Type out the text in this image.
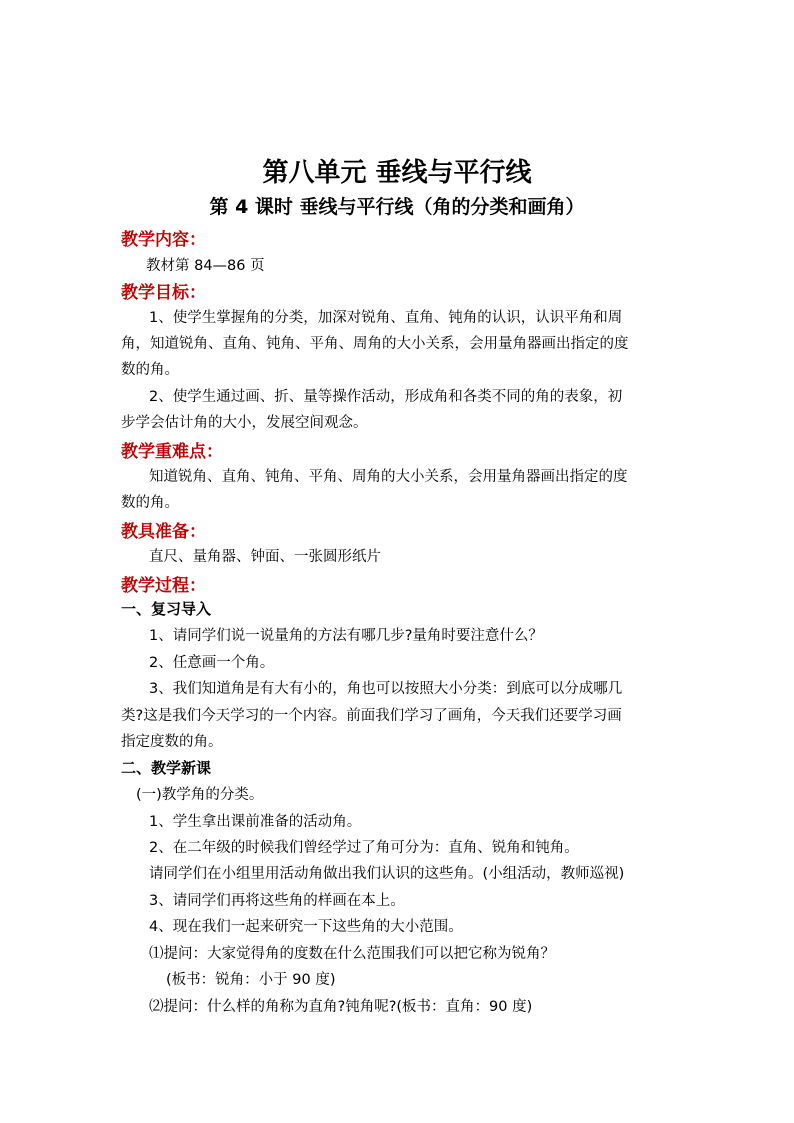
第八单元 垂线与平行线
第 4 课时 垂线与平行线（角的分类和画角）
教学内容：
教材第 84—86 页
教学目标：
1、使学生掌握角的分类，加深对锐角、直角、钝角的认识，认识平角和周
角，知道锐角、直角、钝角、平角、周角的大小关系，会用量角器画出指定的度
数的角。
2、使学生通过画、折、量等操作活动，形成角和各类不同的角的表象，初
步学会估计角的大小，发展空间观念。
教学重难点：
知道锐角、直角、钝角、平角、周角的大小关系，会用量角器画出指定的度
数的角。
教具准备：
直尺、量角器、钟面、一张圆形纸片
教学过程：
一、复习导入
1、请同学们说一说量角的方法有哪几步?量角时要注意什么？
2、任意画一个角。
3、我们知道角是有大有小的，角也可以按照大小分类：到底可以分成哪几
类?这是我们今天学习的一个内容。前面我们学习了画角，今天我们还要学习画
指定度数的角。
二、教学新课
(一)教学角的分类。
1、学生拿出课前准备的活动角。
2、在二年级的时候我们曾经学过了角可分为：直角、锐角和钝角。
请同学们在小组里用活动角做出我们认识的这些角。(小组活动，教师巡视)
3、请同学们再将这些角的样画在本上。
4、现在我们一起来研究一下这些角的大小范围。
⑴提问：大家觉得角的度数在什么范围我们可以把它称为锐角？
(板书：锐角：小于 90 度)
⑵提问：什么样的角称为直角?钝角呢?(板书：直角：90 度)
